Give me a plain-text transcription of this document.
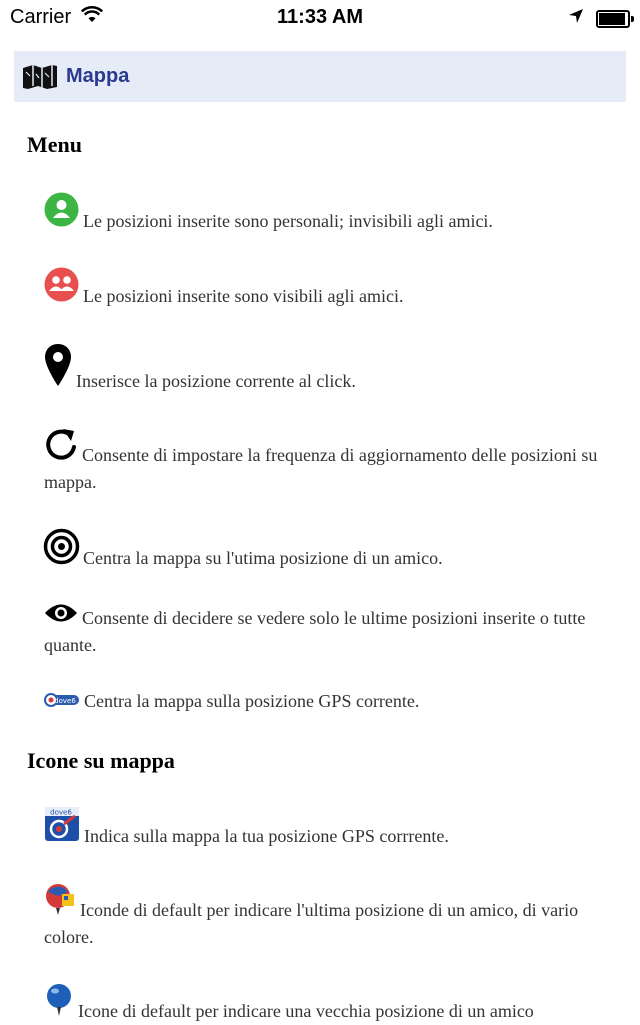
Carrier	11:33 AM
Mappa
Menu
Le posizioni inserite sono personali; invisibili agli amici.
Le posizioni inserite sono visibili agli amici.
Inserisce la posizione corrente al click.
Consente di impostare la frequenza di aggiornamento delle posizioni su mappa.
Centra la mappa su l'utima posizione di un amico.
Consente di decidere se vedere solo le ultime posizioni inserite o tutte quante.
dove6 Centra la mappa sulla posizione GPS corrente.
Icone su mappa
dove6
Indica sulla mappa la tua posizione GPS corrrente.
Iconde di default per indicare l'ultima posizione di un amico, di vario colore.
Icone di default per indicare una vecchia posizione di un amico
